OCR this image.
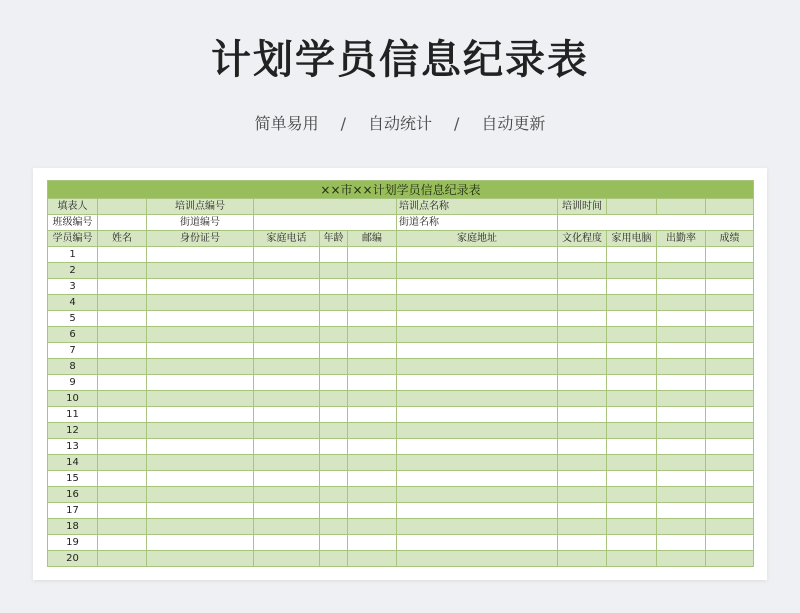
计划学员信息纪录表
简单易用 / 自动统计 / 自动更新
××市××计划学员信息纪录表										
填表人		培训点编号				培训点名称	培训时间			
班级编号		街道编号				街道名称				
学员编号	姓名	身份证号	家庭电话	年龄	邮编	家庭地址	文化程度	家用电脑	出勤率	成绩
1										
2										
3										
4										
5										
6										
7										
8										
9										
10										
11										
12										
13										
14										
15										
16										
17										
18										
19										
20										
